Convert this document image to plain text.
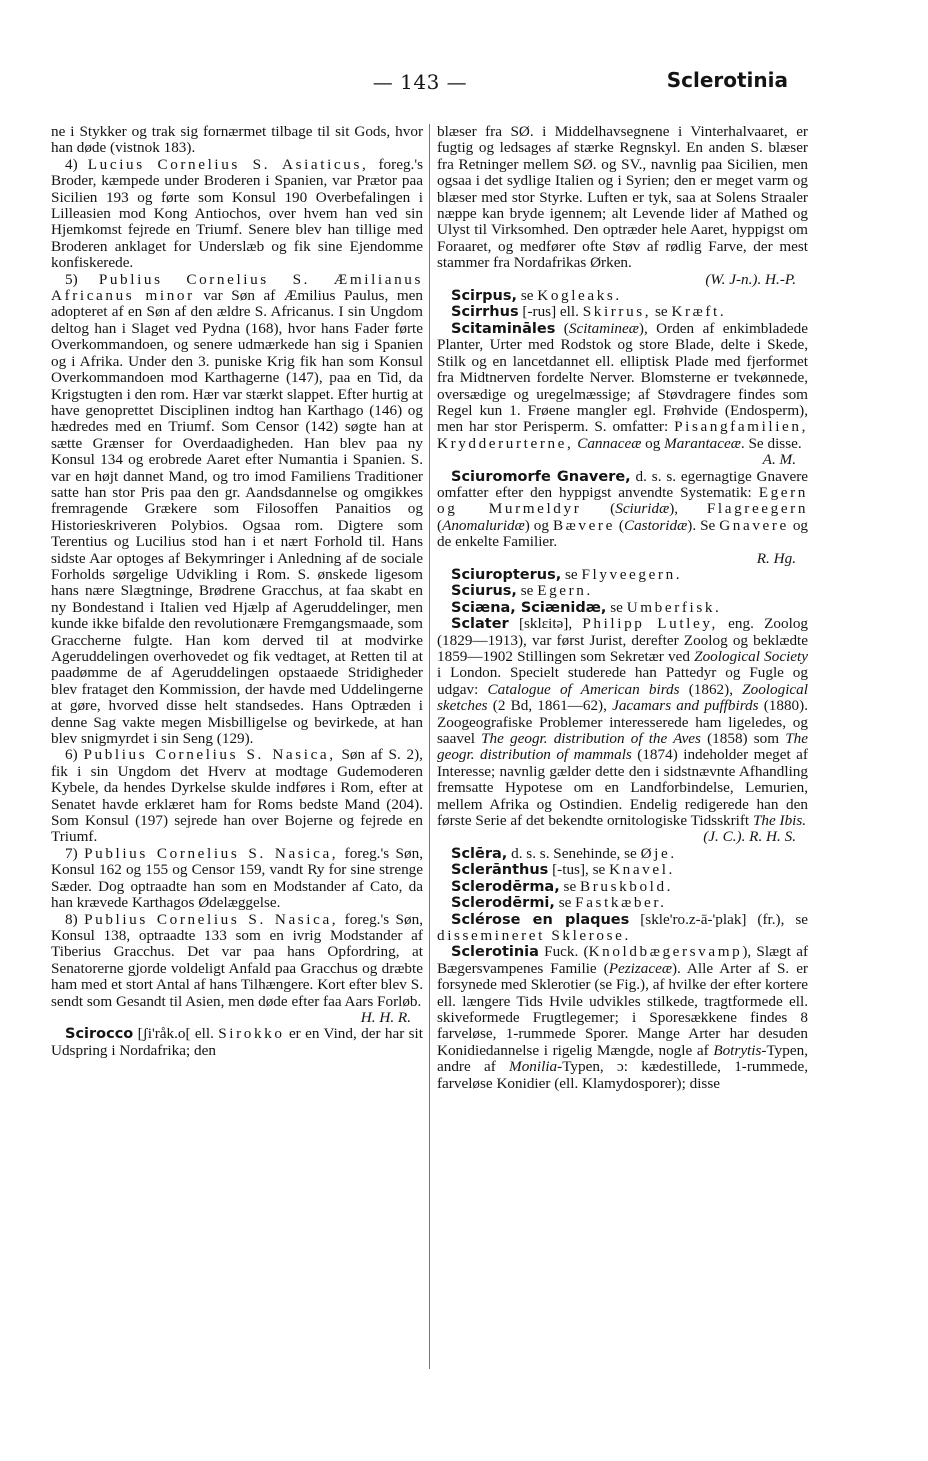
— 143 —	Sclerotinia

ne i Stykker og trak sig fornærmet tilbage til sit Gods, hvor han døde (vistnok 183).

4) Lucius Cornelius S. Asiaticus, foreg.'s Broder, kæmpede under Broderen i Spanien, var Prætor paa Sicilien 193 og førte som Konsul 190 Overbefalingen i Lilleasien mod Kong Antiochos, over hvem han ved sin Hjemkomst fejrede en Triumf. Senere blev han tillige med Broderen anklaget for Underslæb og fik sine Ejendomme konfiskerede.

5) Publius Cornelius S. Æmilianus Africanus minor var Søn af Æmilius Paulus, men adopteret af en Søn af den ældre S. Africanus. I sin Ungdom deltog han i Slaget ved Pydna (168), hvor hans Fader førte Overkommandoen, og senere udmærkede han sig i Spanien og i Afrika. Under den 3. puniske Krig fik han som Konsul Overkommandoen mod Karthagerne (147), paa en Tid, da Krigstugten i den rom. Hær var stærkt slappet. Efter hurtig at have genoprettet Disciplinen indtog han Karthago (146) og hædredes med en Triumf. Som Censor (142) søgte han at sætte Grænser for Overdaadigheden. Han blev paa ny Konsul 134 og erobrede Aaret efter Numantia i Spanien. S. var en højt dannet Mand, og tro imod Familiens Traditioner satte han stor Pris paa den gr. Aandsdannelse og omgikkes fremragende Grækere som Filosoffen Panaitios og Historieskriveren Polybios. Ogsaa rom. Digtere som Terentius og Lucilius stod han i et nært Forhold til. Hans sidste Aar optoges af Bekymringer i Anledning af de sociale Forholds sørgelige Udvikling i Rom. S. ønskede ligesom hans nære Slægtninge, Brødrene Gracchus, at faa skabt en ny Bondestand i Italien ved Hjælp af Ageruddelinger, men kunde ikke bifalde den revolutionære Fremgangsmaade, som Graccherne fulgte. Han kom derved til at modvirke Ageruddelingen overhovedet og fik vedtaget, at Retten til at paadømme de af Ageruddelingen opstaaede Stridigheder blev frataget den Kommission, der havde med Uddelingerne at gøre, hvorved disse helt standsedes. Hans Optræden i denne Sag vakte megen Misbilligelse og bevirkede, at han blev snigmyrdet i sin Seng (129).

6) Publius Cornelius S. Nasica, Søn af S. 2), fik i sin Ungdom det Hverv at modtage Gudemoderen Kybele, da hendes Dyrkelse skulde indføres i Rom, efter at Senatet havde erklæret ham for Roms bedste Mand (204). Som Konsul (197) sejrede han over Bojerne og fejrede en Triumf.

7) Publius Cornelius S. Nasica, foreg.'s Søn, Konsul 162 og 155 og Censor 159, vandt Ry for sine strenge Sæder. Dog optraadte han som en Modstander af Cato, da han krævede Karthagos Ødelæggelse.

8) Publius Cornelius S. Nasica, foreg.'s Søn, Konsul 138, optraadte 133 som en ivrig Modstander af Tiberius Gracchus. Det var paa hans Opfordring, at Senatorerne gjorde voldeligt Anfald paa Gracchus og dræbte ham med et stort Antal af hans Tilhængere. Kort efter blev S. sendt som Gesandt til Asien, men døde efter faa Aars Forløb.
H. H. R.

Scirocco [ʃi'råk.o[ ell. Sirokko er en Vind, der har sit Udspring i Nordafrika; den

blæser fra SØ. i Middelhavsegnene i Vinterhalvaaret, er fugtig og ledsages af stærke Regnskyl. En anden S. blæser fra Retninger mellem SØ. og SV., navnlig paa Sicilien, men ogsaa i det sydlige Italien og i Syrien; den er meget varm og blæser med stor Styrke. Luften er tyk, saa at Solens Straaler næppe kan bryde igennem; alt Levende lider af Mathed og Ulyst til Virksomhed. Den optræder hele Aaret, hyppigst om Foraaret, og medfører ofte Støv af rødlig Farve, der mest stammer fra Nordafrikas Ørken.
(W. J-n.). H.-P.

Scirpus, se Kogleaks.

Scirrhus [-rus] ell. Skirrus, se Kræft.

Scitamināles (Scitamineæ), Orden af enkimbladede Planter, Urter med Rodstok og store Blade, delte i Skede, Stilk og en lancetdannet ell. elliptisk Plade med fjerformet fra Midtnerven fordelte Nerver. Blomsterne er tvekønnede, oversædige og uregelmæssige; af Støvdragere findes som Regel kun 1. Frøene mangler egl. Frøhvide (Endosperm), men har stor Perisperm. S. omfatter: Pisangfamilien, Krydderurterne, Cannaceæ og Marantaceæ. Se disse.
A. M.

Sciuromorfe Gnavere, d. s. s. egernagtige Gnavere omfatter efter den hyppigst anvendte Systematik: Egern og Murmeldyr (Sciuridæ), Flagreegern (Anomaluridæ) og Bævere (Castoridæ). Se Gnavere og de enkelte Familier.
R. Hg.

Sciuropterus, se Flyveegern.

Sciurus, se Egern.

Sciæna, Sciænidæ, se Umberfisk.

Sclater [sklεitə], Philipp Lutley, eng. Zoolog (1829—1913), var først Jurist, derefter Zoolog og beklædte 1859—1902 Stillingen som Sekretær ved Zoological Society i London. Specielt studerede han Pattedyr og Fugle og udgav: Catalogue of American birds (1862), Zoological sketches (2 Bd, 1861—62), Jacamars and puffbirds (1880). Zoogeografiske Problemer interesserede ham ligeledes, og saavel The geogr. distribution of the Aves (1858) som The geogr. distribution of mammals (1874) indeholder meget af Interesse; navnlig gælder dette den i sidstnævnte Afhandling fremsatte Hypotese om en Landforbindelse, Lemurien, mellem Afrika og Ostindien. Endelig redigerede han den første Serie af det bekendte ornitologiske Tidsskrift The Ibis.
(J. C.). R. H. S.

Sclēra, d. s. s. Senehinde, se Øje.

Sclerānthus [-tus], se Knavel.

Sclerodērma, se Bruskbold.

Sclerodērmi, se Fastkæber.

Sclérose en plaques [skle'ro.z-ā-'plak] (fr.), se dissemineret Sklerose.

Sclerotinia Fuck. (Knoldbægersvamp), Slægt af Bægersvampenes Familie (Pezizaceæ). Alle Arter af S. er forsynede med Sklerotier (se Fig.), af hvilke der efter kortere ell. længere Tids Hvile udvikles stilkede, tragtformede ell. skiveformede Frugtlegemer; i Sporesækkene findes 8 farveløse, 1-rummede Sporer. Mange Arter har desuden Konidiedannelse i rigelig Mængde, nogle af Botrytis-Typen, andre af Monilia-Typen, ɔ: kædestillede, 1-rummede, farveløse Konidier (ell. Klamydosporer); disse
